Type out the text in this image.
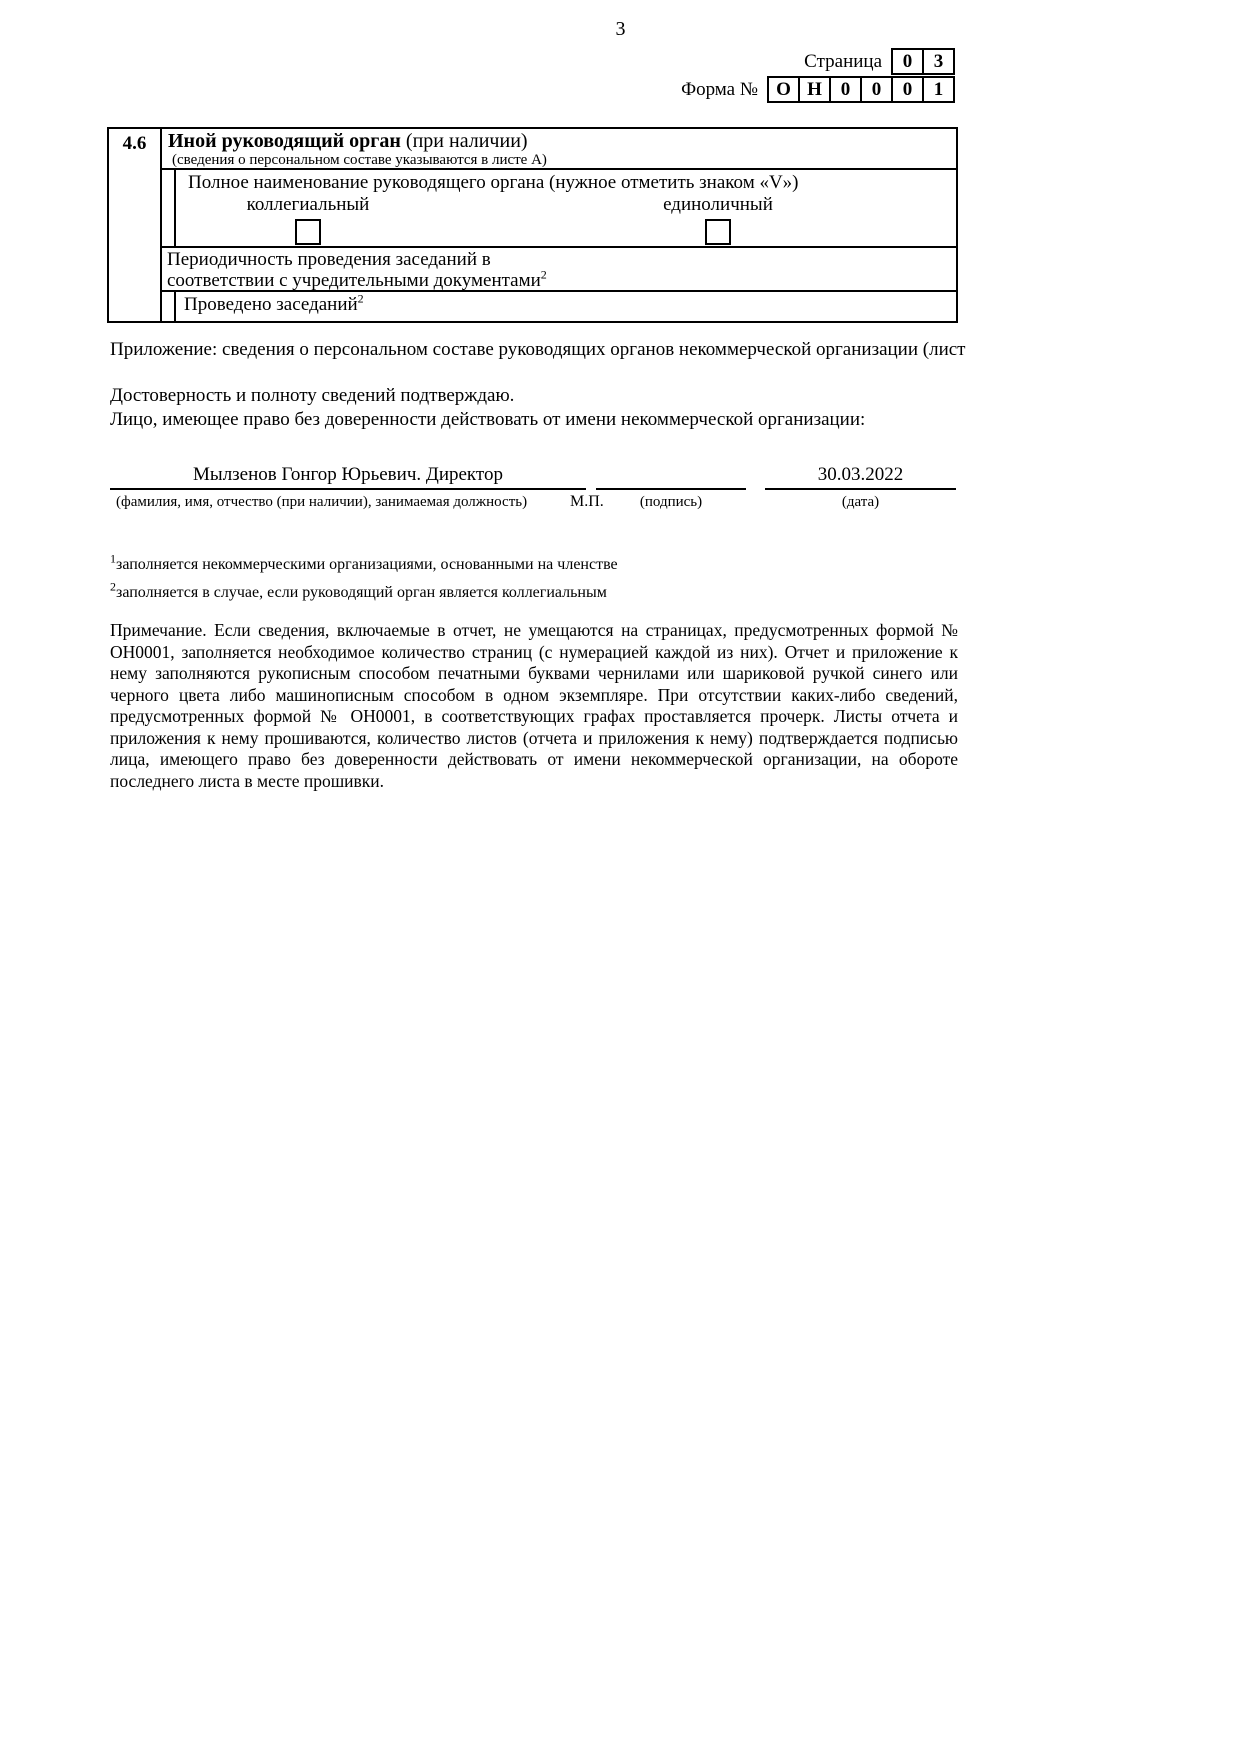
3
Страница	0	3
Форма № О Н 0	0	0	1
4.6	Иной руководящий орган (при наличии)
(сведения о персональном составе указываются в листе А)
Полное наименование руководящего органа (нужное отметить знаком «V»)
коллегиальный	единоличный
Периодичность проведения заседаний в
соответствии с учредительными документами$^2$
Проведено заседаний$^2$
Приложение: сведения о персональном составе руководящих органов некоммерческой организации (лист
Достоверность и полноту сведений подтверждаю.
Лицо, имеющее право без доверенности действовать от имени некоммерческой организации:
Мылзенов Гонгор Юрьевич. Директор	30.03.2022
(фамилия, имя, отчество (при наличии), занимаемая должность)	М.П.	(подпись)	(дата)
$^1$заполняется некоммерческими организациями, основанными на членстве
$^2$заполняется в случае, если руководящий орган является коллегиальным
Примечание. Если сведения, включаемые в отчет, не умещаются на страницах, предусмотренных формой № ОН0001, заполняется необходимое количество страниц (с нумерацией каждой из них). Отчет и приложение к нему заполняются рукописным способом печатными буквами чернилами или шариковой ручкой синего или черного цвета либо машинописным способом в одном экземпляре. При отсутствии каких-либо сведений, предусмотренных формой № ОН0001, в соответствующих графах проставляется прочерк. Листы отчета и приложения к нему прошиваются, количество листов (отчета и приложения к нему) подтверждается подписью лица, имеющего право без доверенности действовать от имени некоммерческой организации, на обороте последнего листа в месте прошивки.
